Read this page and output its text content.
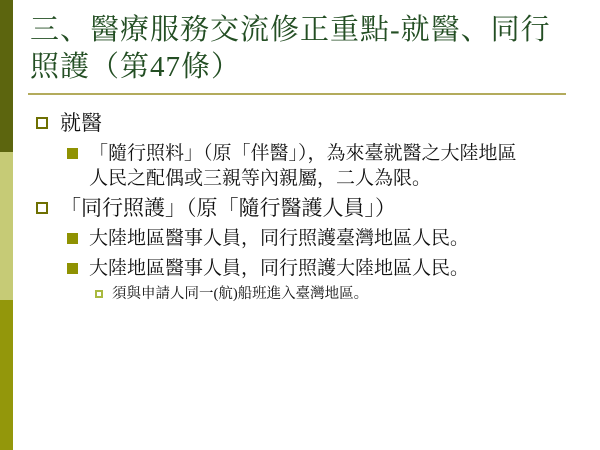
三、醫療服務交流修正重點-就醫、同行
照護（第47條）
就醫
「隨行照料」（原「伴醫」），為來臺就醫之大陸地區
人民之配偶或三親等內親屬，二人為限。
「同行照護」（原「隨行醫護人員」）
大陸地區醫事人員，同行照護臺灣地區人民。
大陸地區醫事人員，同行照護大陸地區人民。
須與申請人同一(航)船班進入臺灣地區。
